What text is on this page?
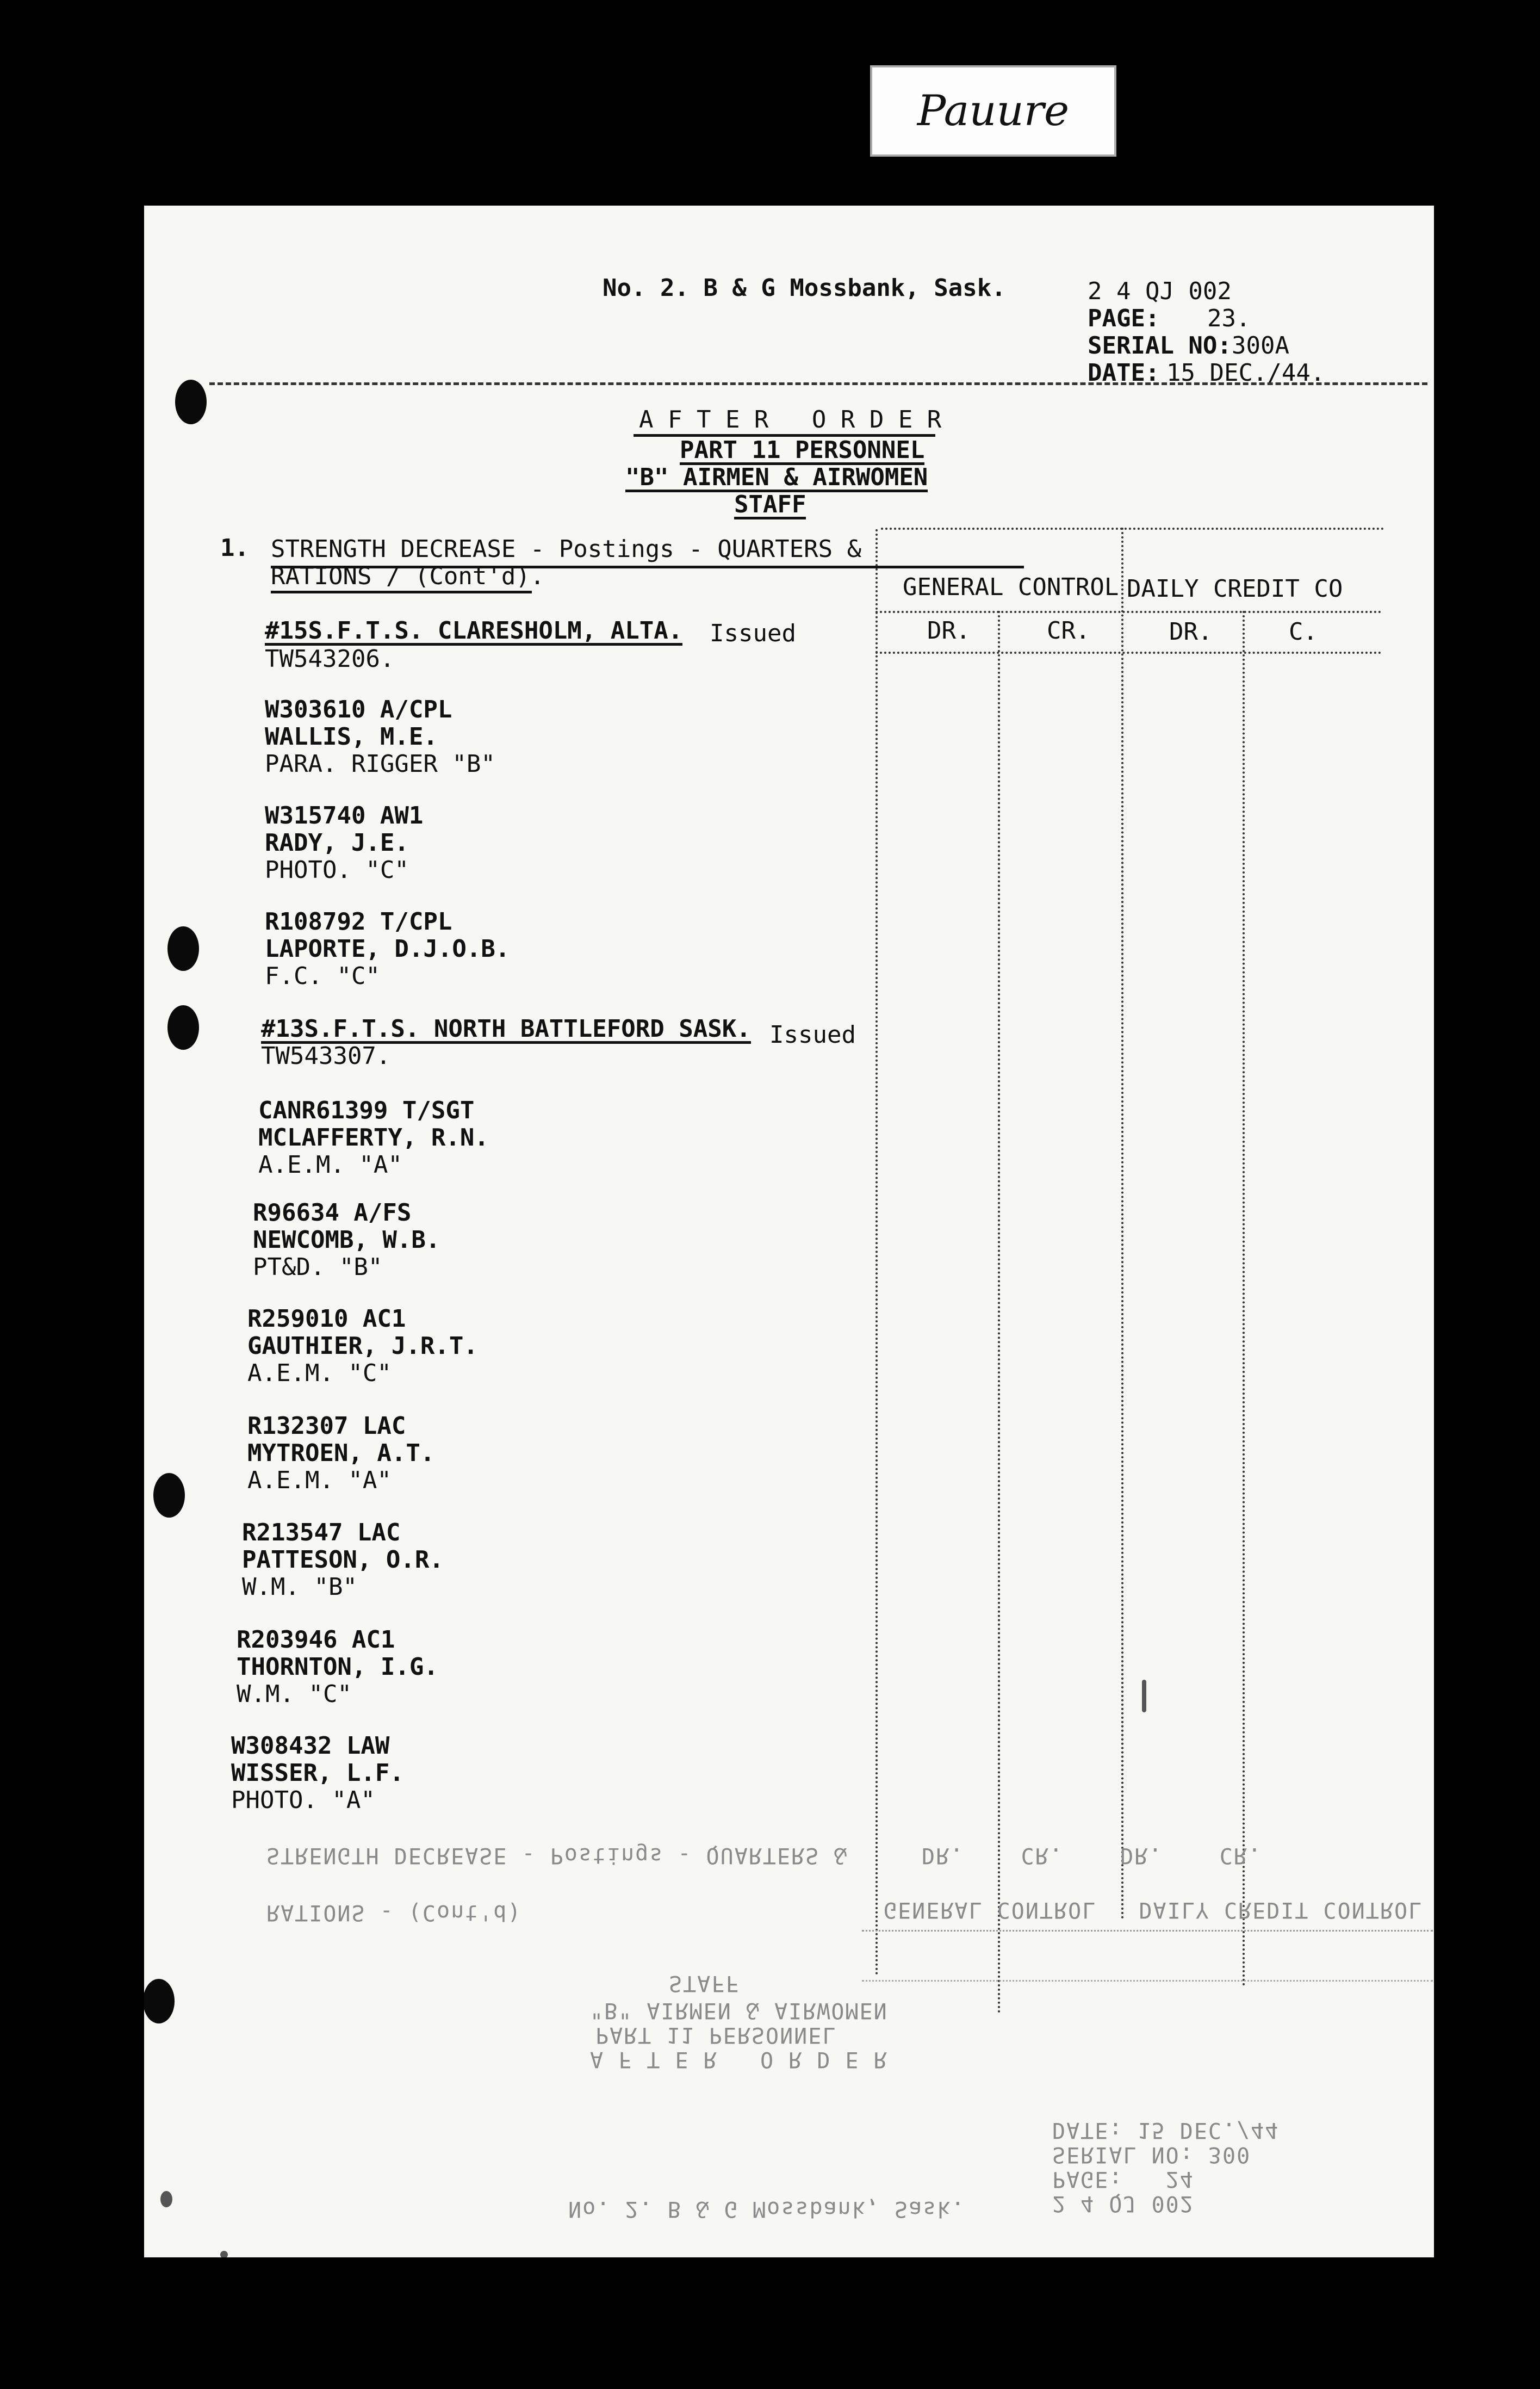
Pauure
No. 2. B & G Mossbank, Sask.	2 4 QJ 002
PAGE: 23.
SERIAL NO: 300A
DATE: 15 DEC./44.
A F T E R   O R D E R
PART 11 PERSONNEL
"B" AIRMEN & AIRWOMEN
STAFF
1. STRENGTH DECREASE - Postings - QUARTERS &
RATIONS / (Cont'd).	GENERAL CONTROL DAILY CREDIT CO
DR.	CR.	DR.	C.
#15S.F.T.S. CLARESHOLM, ALTA. Issued
TW543206.
W303610 A/CPL
WALLIS, M.E.
PARA. RIGGER "B"
W315740 AW1
RADY, J.E.
PHOTO. "C"
R108792 T/CPL
LAPORTE, D.J.O.B.
F.C. "C"
#13S.F.T.S. NORTH BATTLEFORD SASK. Issued
TW543307.
CANR61399 T/SGT
MCLAFFERTY, R.N.
A.E.M. "A"
R96634 A/FS
NEWCOMB, W.B.
PT&D. "B"
R259010 AC1
GAUTHIER, J.R.T.
A.E.M. "C"
R132307 LAC
MYTROEN, A.T.
A.E.M. "A"
R213547 LAC
PATTESON, O.R.
W.M. "B"
R203946 AC1
THORNTON, I.G.
W.M. "C"
W308432 LAW
WISSER, L.F.
PHOTO. "A"
STRENGTH DECREASE - Postings - QUARTERS &
RATIONS - (Cont'd)	GENERAL CONTROL   DAILY CREDIT CONTROL
DR.    CR.    DR.    CR.
STAFF
"B" AIRMEN & AIRWOMEN
PART 11 PERSONNEL
A F T E R   O R D E R
DATE: 15 DEC./44
SERIAL NO: 300
PAGE:   24
2 4 QJ 002
No. 2. B & G Mossbank, Sask.
